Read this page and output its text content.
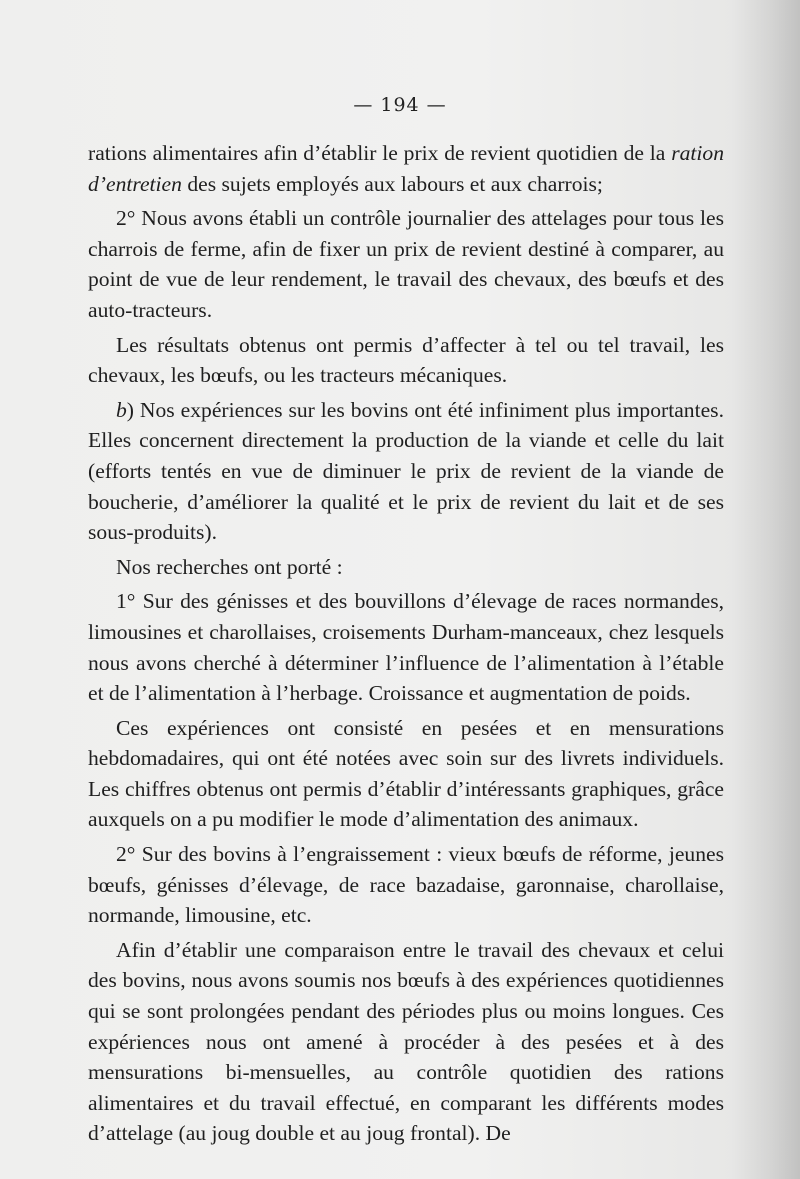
— 194 —

rations alimentaires afin d’établir le prix de revient quotidien de la ration d’entretien des sujets employés aux labours et aux charrois;

2° Nous avons établi un contrôle journalier des attelages pour tous les charrois de ferme, afin de fixer un prix de revient destiné à comparer, au point de vue de leur rendement, le travail des chevaux, des bœufs et des auto-tracteurs.

Les résultats obtenus ont permis d’affecter à tel ou tel travail, les chevaux, les bœufs, ou les tracteurs mécaniques.

b) Nos expériences sur les bovins ont été infiniment plus importantes. Elles concernent directement la production de la viande et celle du lait (efforts tentés en vue de diminuer le prix de revient de la viande de boucherie, d’améliorer la qualité et le prix de revient du lait et de ses sous-produits).

Nos recherches ont porté :

1° Sur des génisses et des bouvillons d’élevage de races normandes, limousines et charollaises, croisements Durham-manceaux, chez lesquels nous avons cherché à déterminer l’influence de l’alimentation à l’étable et de l’alimentation à l’herbage. Croissance et augmentation de poids.

Ces expériences ont consisté en pesées et en mensurations hebdomadaires, qui ont été notées avec soin sur des livrets individuels. Les chiffres obtenus ont permis d’établir d’intéressants graphiques, grâce auxquels on a pu modifier le mode d’alimentation des animaux.

2° Sur des bovins à l’engraissement : vieux bœufs de réforme, jeunes bœufs, génisses d’élevage, de race bazadaise, garonnaise, charollaise, normande, limousine, etc.

Afin d’établir une comparaison entre le travail des chevaux et celui des bovins, nous avons soumis nos bœufs à des expériences quotidiennes qui se sont prolongées pendant des périodes plus ou moins longues. Ces expériences nous ont amené à procéder à des pesées et à des mensurations bi-mensuelles, au contrôle quotidien des rations alimentaires et du travail effectué, en comparant les différents modes d’attelage (au joug double et au joug frontal). De
